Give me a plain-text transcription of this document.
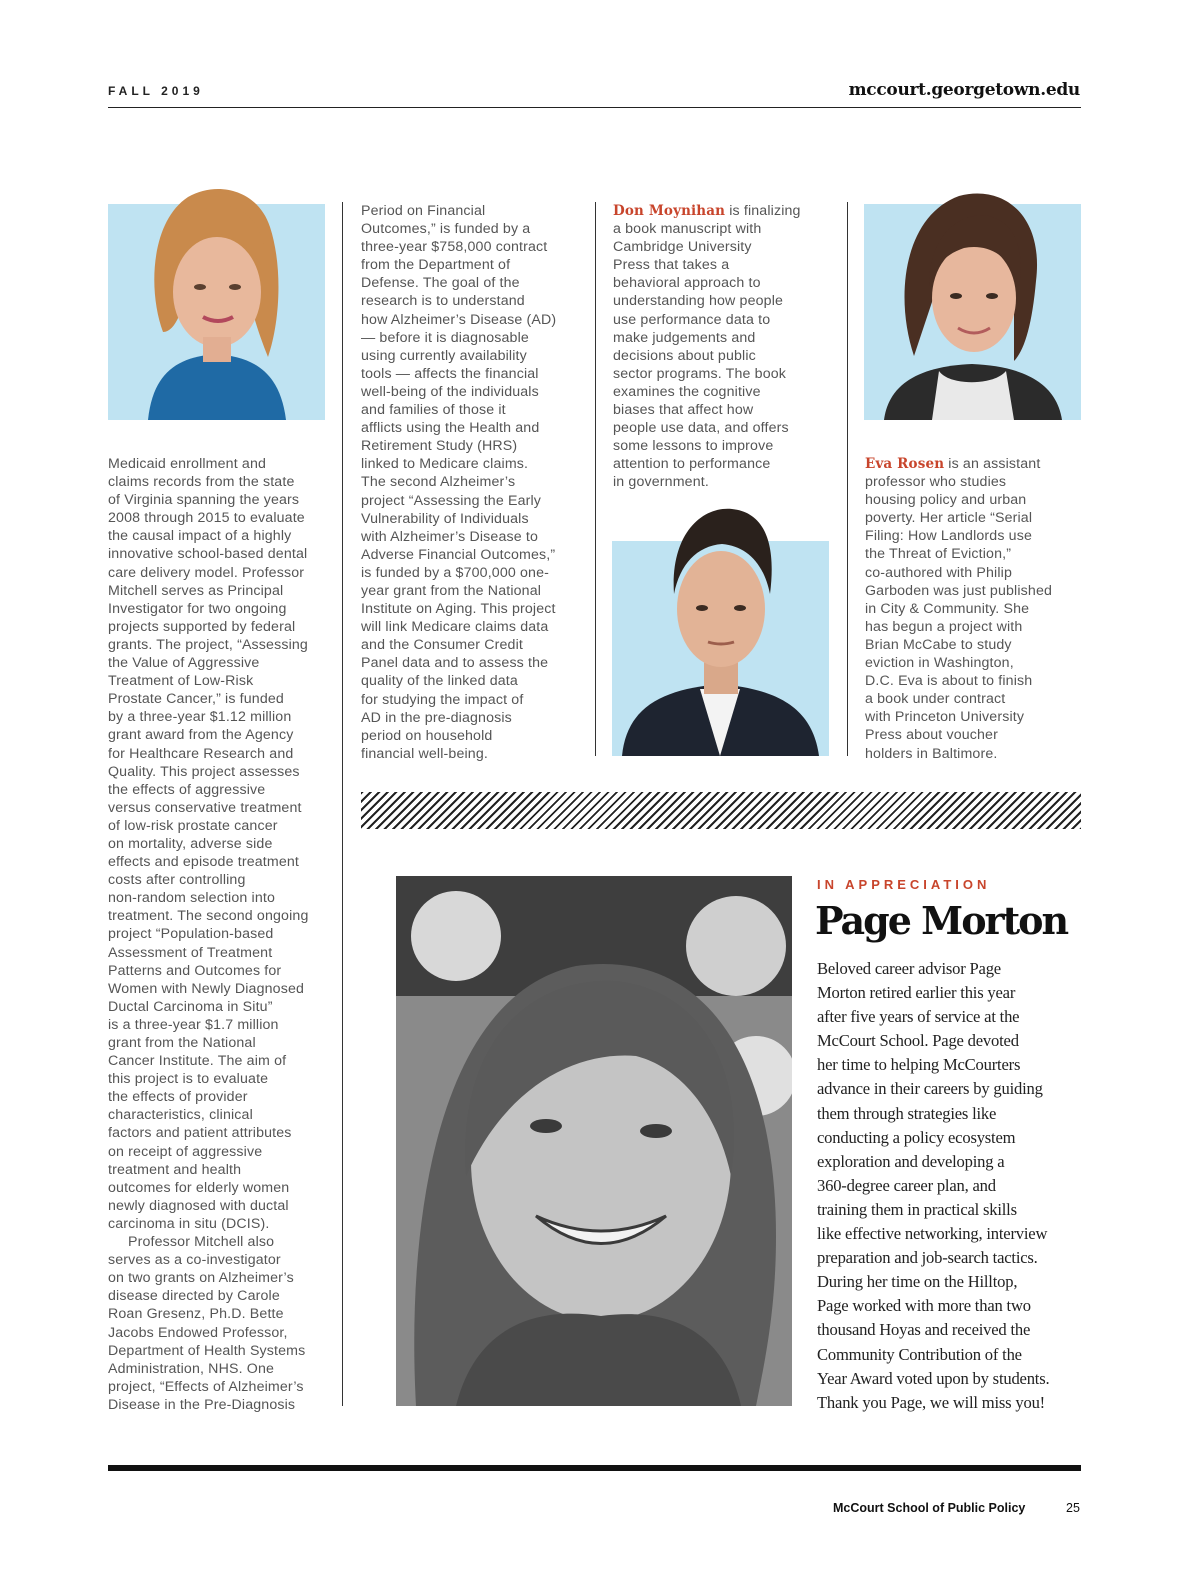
FALL 2019	mccourt.georgetown.edu

Medicaid enrollment and
claims records from the state
of Virginia spanning the years
2008 through 2015 to evaluate
the causal impact of a highly
innovative school-based dental
care delivery model. Professor
Mitchell serves as Principal
Investigator for two ongoing
projects supported by federal
grants. The project, “Assessing
the Value of Aggressive
Treatment of Low-Risk
Prostate Cancer,” is funded
by a three-year $1.12 million
grant award from the Agency
for Healthcare Research and
Quality. This project assesses
the effects of aggressive
versus conservative treatment
of low-risk prostate cancer
on mortality, adverse side
effects and episode treatment
costs after controlling
non-random selection into
treatment. The second ongoing
project “Population-based
Assessment of Treatment
Patterns and Outcomes for
Women with Newly Diagnosed
Ductal Carcinoma in Situ”
is a three-year $1.7 million
grant from the National
Cancer Institute. The aim of
this project is to evaluate
the effects of provider
characteristics, clinical
factors and patient attributes
on receipt of aggressive
treatment and health
outcomes for elderly women
newly diagnosed with ductal
carcinoma in situ (DCIS).

Professor Mitchell also
serves as a co-investigator
on two grants on Alzheimer’s
disease directed by Carole
Roan Gresenz, Ph.D. Bette
Jacobs Endowed Professor,
Department of Health Systems
Administration, NHS. One
project, “Effects of Alzheimer’s
Disease in the Pre-Diagnosis

Period on Financial
Outcomes,” is funded by a
three-year $758,000 contract
from the Department of
Defense. The goal of the
research is to understand
how Alzheimer’s Disease (AD)
— before it is diagnosable
using currently availability
tools — affects the financial
well-being of the individuals
and families of those it
afflicts using the Health and
Retirement Study (HRS)
linked to Medicare claims.
The second Alzheimer’s
project “Assessing the Early
Vulnerability of Individuals
with Alzheimer’s Disease to
Adverse Financial Outcomes,”
is funded by a $700,000 one-
year grant from the National
Institute on Aging. This project
will link Medicare claims data
and the Consumer Credit
Panel data and to assess the
quality of the linked data
for studying the impact of
AD in the pre-diagnosis
period on household
financial well-being.

Don Moynihan is finalizing
a book manuscript with
Cambridge University
Press that takes a
behavioral approach to
understanding how people
use performance data to
make judgements and
decisions about public
sector programs. The book
examines the cognitive
biases that affect how
people use data, and offers
some lessons to improve
attention to performance
in government.

Eva Rosen is an assistant
professor who studies
housing policy and urban
poverty. Her article “Serial
Filing: How Landlords use
the Threat of Eviction,”
co-authored with Philip
Garboden was just published
in City & Community. She
has begun a project with
Brian McCabe to study
eviction in Washington,
D.C. Eva is about to finish
a book under contract
with Princeton University
Press about voucher
holders in Baltimore.

IN APPRECIATION
Page Morton
Beloved career advisor Page
Morton retired earlier this year
after five years of service at the
McCourt School. Page devoted
her time to helping McCourters
advance in their careers by guiding
them through strategies like
conducting a policy ecosystem
exploration and developing a
360-degree career plan, and
training them in practical skills
like effective networking, interview
preparation and job-search tactics.
During her time on the Hilltop,
Page worked with more than two
thousand Hoyas and received the
Community Contribution of the
Year Award voted upon by students.
Thank you Page, we will miss you!
McCourt School of Public Policy	25
